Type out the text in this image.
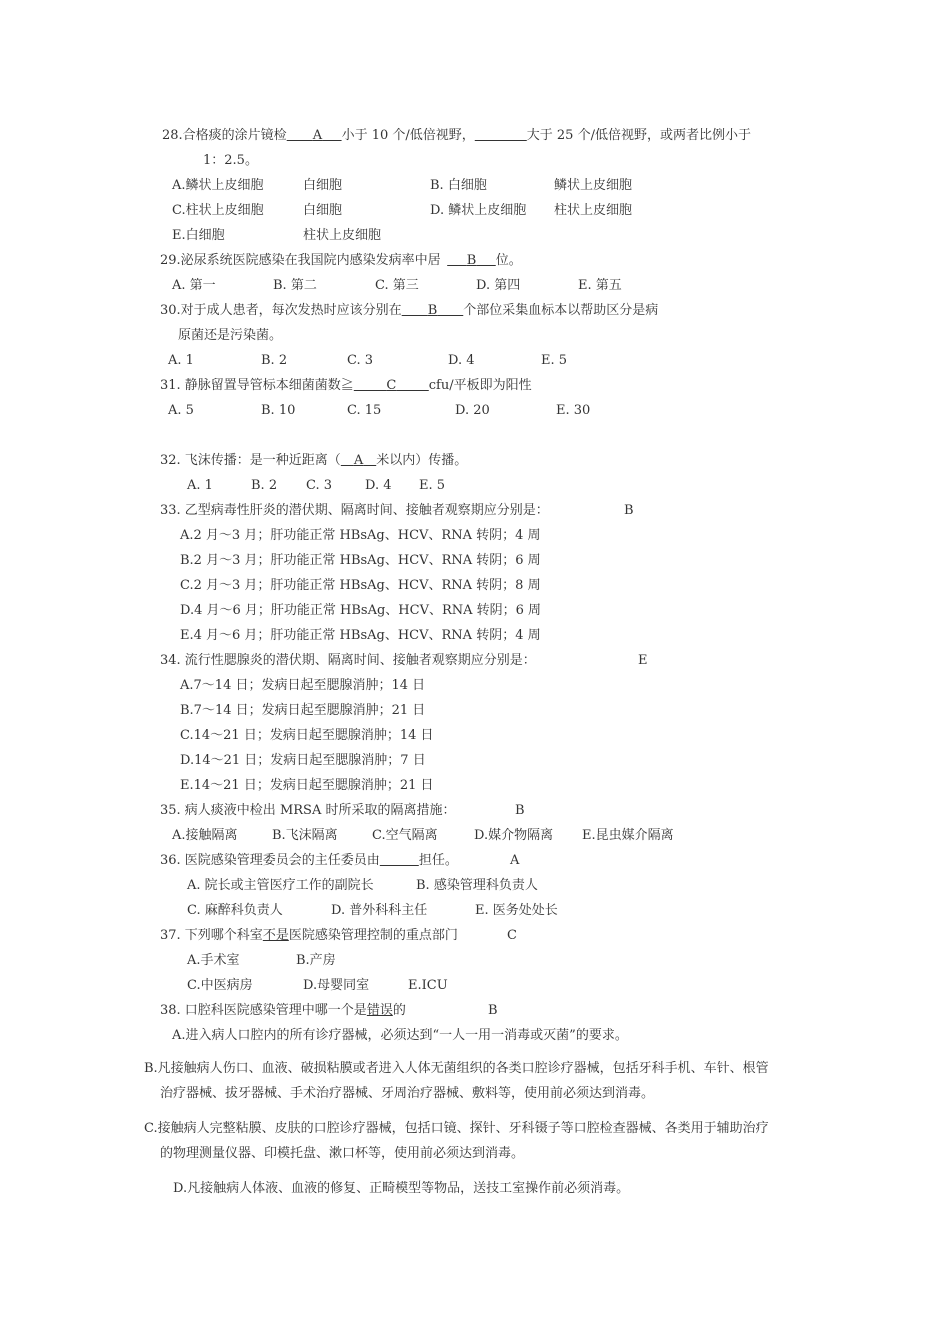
28.合格痰的涂片镜检     A    小于 10 个/低倍视野，        	大于 25 个/低倍视野，或两者比例小于
1：2.5。
A.鳞状上皮细胞	白细胞	B. 白细胞	鳞状上皮细胞
C.柱状上皮细胞	白细胞	D. 鳞状上皮细胞 柱状上皮细胞
E.白细胞	柱状上皮细胞
29.泌尿系统医院感染在我国院内感染发病率中居     B    位。
A. 第一	B. 第二	C. 第三	D. 第四	E. 第五
30.对于成人患者，每次发热时应该分别在     B     个部位采集血标本以帮助区分是病
原菌还是污染菌。
A. 1	B. 2	C. 3	D. 4	E. 5
31. 静脉留置导管标本细菌菌数≧     	C     	cfu/平板即为阳性
A. 5	B. 10	C. 15	D. 20	E. 30
32. 飞沫传播：是一种近距离（   A   米以内）传播。
A. 1	B. 2 C. 3	D. 4 E. 5
33. 乙型病毒性肝炎的潜伏期、隔离时间、接触者观察期应分别是：	B
A.2 月～3 月；肝功能正常 HBsAg、HCV、RNA 转阴；4 周
B.2 月～3 月；肝功能正常 HBsAg、HCV、RNA 转阴；6 周
C.2 月～3 月；肝功能正常 HBsAg、HCV、RNA 转阴；8 周
D.4 月～6 月；肝功能正常 HBsAg、HCV、RNA 转阴；6 周
E.4 月～6 月；肝功能正常 HBsAg、HCV、RNA 转阴；4 周
34. 流行性腮腺炎的潜伏期、隔离时间、接触者观察期应分别是：	E
A.7～14 日；发病日起至腮腺消肿；14 日
B.7～14 日；发病日起至腮腺消肿；21 日
C.14～21 日；发病日起至腮腺消肿；14 日
D.14～21 日；发病日起至腮腺消肿；7 日
E.14～21 日；发病日起至腮腺消肿；21 日
35. 病人痰液中检出 MRSA 时所采取的隔离措施：	B
A.接触隔离	B.飞沫隔离	C.空气隔离	D.媒介物隔离 E.昆虫媒介隔离
36. 医院感染管理委员会的主任委员由      	担任。	A
A. 院长或主管医疗工作的副院长	B. 感染管理科负责人
C. 麻醉科负责人	D. 普外科科主任	E. 医务处处长
37. 下列哪个科室不是医院感染管理控制的重点部门	C
A.手术室	B.产房
C.中医病房	D.母婴同室	E.ICU
38. 口腔科医院感染管理中哪一个是错误的	B
A.进入病人口腔内的所有诊疗器械，必须达到“一人一用一消毒或灭菌”的要求。
B.凡接触病人伤口、血液、破损粘膜或者进入人体无菌组织的各类口腔诊疗器械，包括牙科手机、车针、根管
治疗器械、拔牙器械、手术治疗器械、牙周治疗器械、敷料等，使用前必须达到消毒。
C.接触病人完整粘膜、皮肤的口腔诊疗器械，包括口镜、探针、牙科镊子等口腔检查器械、各类用于辅助治疗
的物理测量仪器、印模托盘、漱口杯等，使用前必须达到消毒。
D.凡接触病人体液、血液的修复、正畸模型等物品，送技工室操作前必须消毒。
